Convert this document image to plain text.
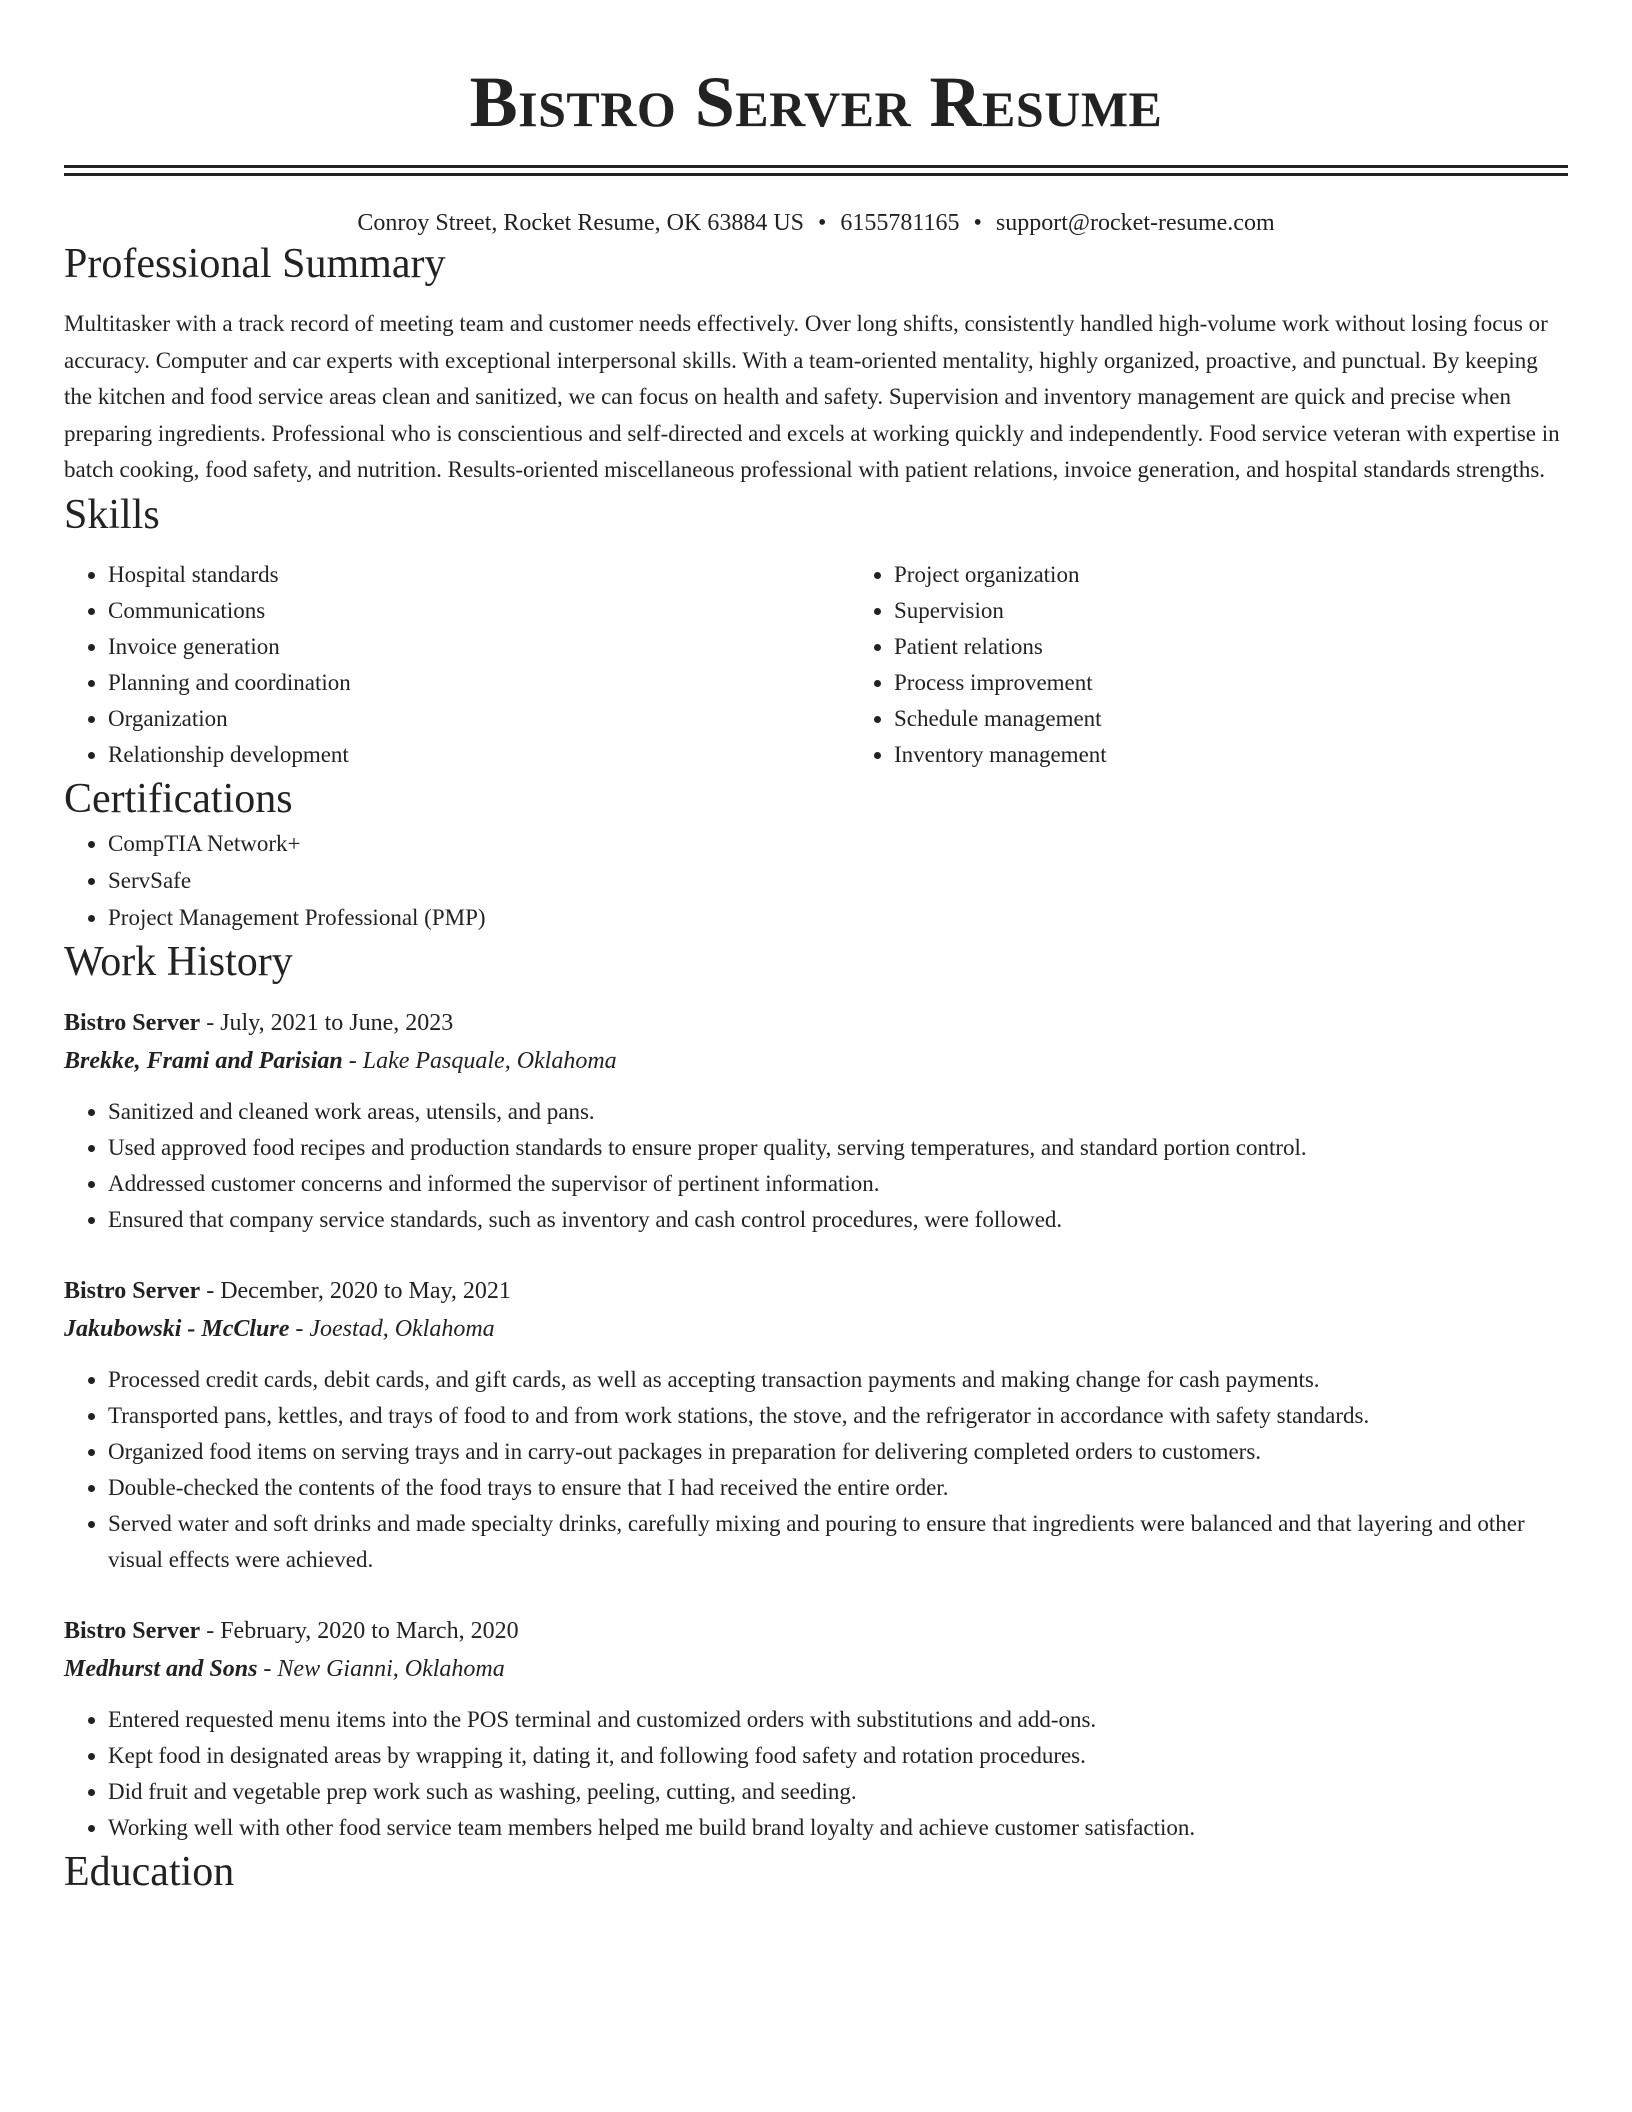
Bistro Server Resume
Conroy Street, Rocket Resume, OK 63884 US • 6155781165 • support@rocket-resume.com
Professional Summary

Multitasker with a track record of meeting team and customer needs effectively. Over long shifts, consistently handled high-volume work without losing focus or accuracy. Computer and car experts with exceptional interpersonal skills. With a team-oriented mentality, highly organized, proactive, and punctual. By keeping the kitchen and food service areas clean and sanitized, we can focus on health and safety. Supervision and inventory management are quick and precise when preparing ingredients. Professional who is conscientious and self-directed and excels at working quickly and independently. Food service veteran with expertise in batch cooking, food safety, and nutrition. Results-oriented miscellaneous professional with patient relations, invoice generation, and hospital standards strengths.

Skills
• Hospital standards
• Communications
• Invoice generation
• Planning and coordination
• Organization
• Relationship development
• Project organization
• Supervision
• Patient relations
• Process improvement
• Schedule management
• Inventory management
Certifications
• CompTIA Network+
• ServSafe
• Project Management Professional (PMP)
Work History
Bistro Server - July, 2021 to June, 2023
Brekke, Frami and Parisian - Lake Pasquale, Oklahoma
• Sanitized and cleaned work areas, utensils, and pans.
• Used approved food recipes and production standards to ensure proper quality, serving temperatures, and standard portion control.
• Addressed customer concerns and informed the supervisor of pertinent information.
• Ensured that company service standards, such as inventory and cash control procedures, were followed.
Bistro Server - December, 2020 to May, 2021
Jakubowski - McClure - Joestad, Oklahoma
• Processed credit cards, debit cards, and gift cards, as well as accepting transaction payments and making change for cash payments.
• Transported pans, kettles, and trays of food to and from work stations, the stove, and the refrigerator in accordance with safety standards.
• Organized food items on serving trays and in carry-out packages in preparation for delivering completed orders to customers.
• Double-checked the contents of the food trays to ensure that I had received the entire order.
• Served water and soft drinks and made specialty drinks, carefully mixing and pouring to ensure that ingredients were balanced and that layering and other visual effects were achieved.
Bistro Server - February, 2020 to March, 2020
Medhurst and Sons - New Gianni, Oklahoma
• Entered requested menu items into the POS terminal and customized orders with substitutions and add-ons.
• Kept food in designated areas by wrapping it, dating it, and following food safety and rotation procedures.
• Did fruit and vegetable prep work such as washing, peeling, cutting, and seeding.
• Working well with other food service team members helped me build brand loyalty and achieve customer satisfaction.
Education
